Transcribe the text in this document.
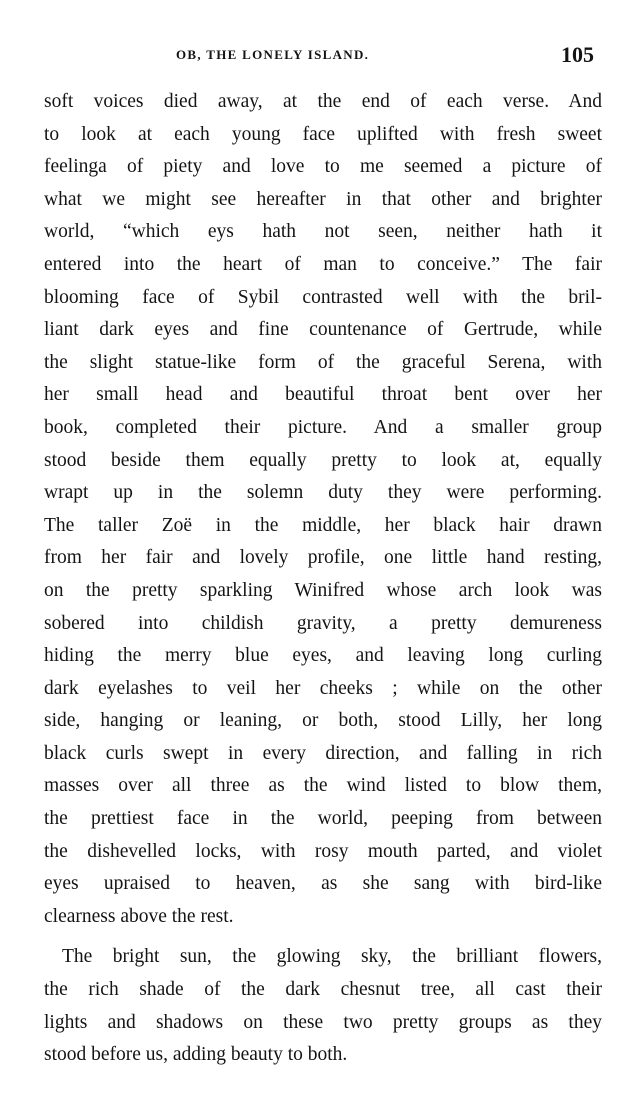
OB, THE LONELY ISLAND.	105
soft voices died away, at the end of each verse. And
to look at each young face uplifted with fresh sweet
feelinga of piety and love to me seemed a picture of
what we might see hereafter in that other and brighter
world, “which eys hath not seen, neither hath it
entered into the heart of man to conceive.” The fair
blooming face of Sybil contrasted well with the bril-
liant dark eyes and fine countenance of Gertrude, while
the slight statue-like form of the graceful Serena, with
her small head and beautiful throat bent over her
book, completed their picture. And a smaller group
stood beside them equally pretty to look at, equally
wrapt up in the solemn duty they were performing.
The taller Zoë in the middle, her black hair drawn
from her fair and lovely profile, one little hand resting,
on the pretty sparkling Winifred whose arch look was
sobered into childish gravity, a pretty demureness
hiding the merry blue eyes, and leaving long curling
dark eyelashes to veil her cheeks ; while on the other
side, hanging or leaning, or both, stood Lilly, her long
black curls swept in every direction, and falling in rich
masses over all three as the wind listed to blow them,
the prettiest face in the world, peeping from between
the dishevelled locks, with rosy mouth parted, and violet
eyes upraised to heaven, as she sang with bird-like
clearness above the rest.
The bright sun, the glowing sky, the brilliant flowers,
the rich shade of the dark chesnut tree, all cast their
lights and shadows on these two pretty groups as they
stood before us, adding beauty to both.
